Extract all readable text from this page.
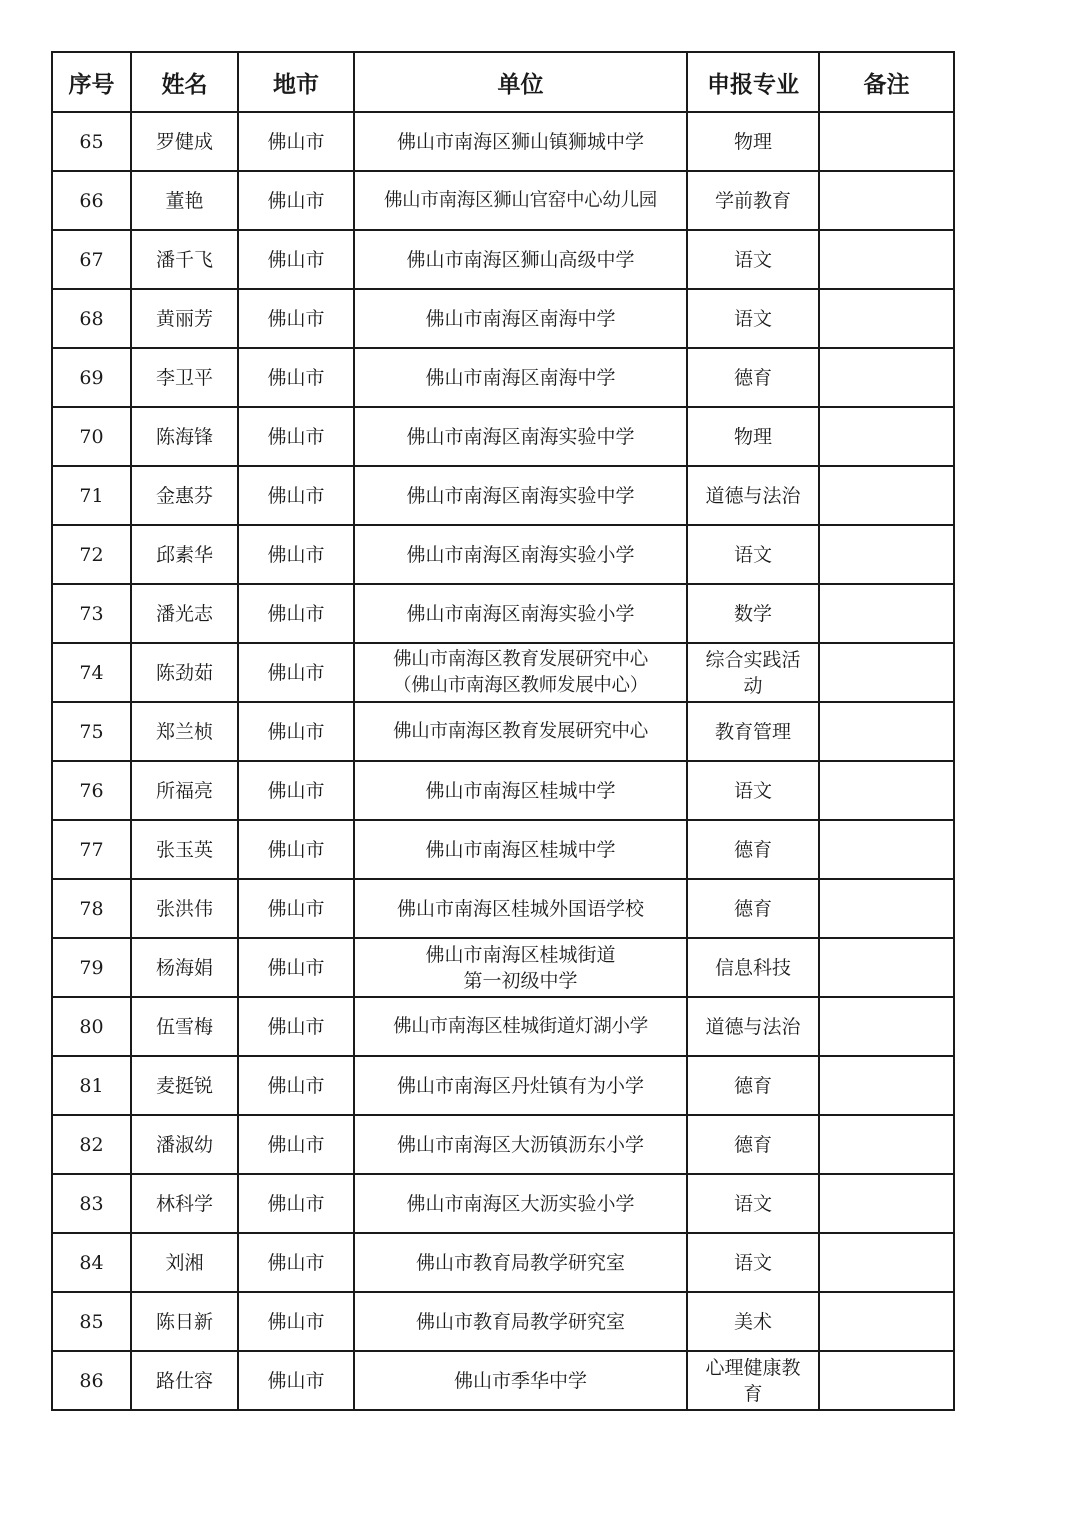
序号	姓名	地市	单位	申报专业	备注
65	罗健成	佛山市	佛山市南海区狮山镇狮城中学	物理	

66	董艳	佛山市	佛山市南海区狮山官窑中心幼儿园	学前教育	

67	潘千飞	佛山市	佛山市南海区狮山高级中学	语文	

68	黄丽芳	佛山市	佛山市南海区南海中学	语文	

69	李卫平	佛山市	佛山市南海区南海中学	德育	

70	陈海锋	佛山市	佛山市南海区南海实验中学	物理	

71	金惠芬	佛山市	佛山市南海区南海实验中学	道德与法治	

72	邱素华	佛山市	佛山市南海区南海实验小学	语文	

73	潘光志	佛山市	佛山市南海区南海实验小学	数学	

74	陈劲茹	佛山市	佛山市南海区教育发展研究中心
（佛山市南海区教师发展中心）	综合实践活
动	

75	郑兰桢	佛山市	佛山市南海区教育发展研究中心	教育管理	

76	所福亮	佛山市	佛山市南海区桂城中学	语文	

77	张玉英	佛山市	佛山市南海区桂城中学	德育	

78	张洪伟	佛山市	佛山市南海区桂城外国语学校	德育	

79	杨海娟	佛山市	佛山市南海区桂城街道
第一初级中学	信息科技	

80	伍雪梅	佛山市	佛山市南海区桂城街道灯湖小学	道德与法治	

81	麦挺锐	佛山市	佛山市南海区丹灶镇有为小学	德育	

82	潘淑幼	佛山市	佛山市南海区大沥镇沥东小学	德育	

83	林科学	佛山市	佛山市南海区大沥实验小学	语文	

84	刘湘	佛山市	佛山市教育局教学研究室	语文	

85	陈日新	佛山市	佛山市教育局教学研究室	美术	

86	路仕容	佛山市	佛山市季华中学	心理健康教
育	
